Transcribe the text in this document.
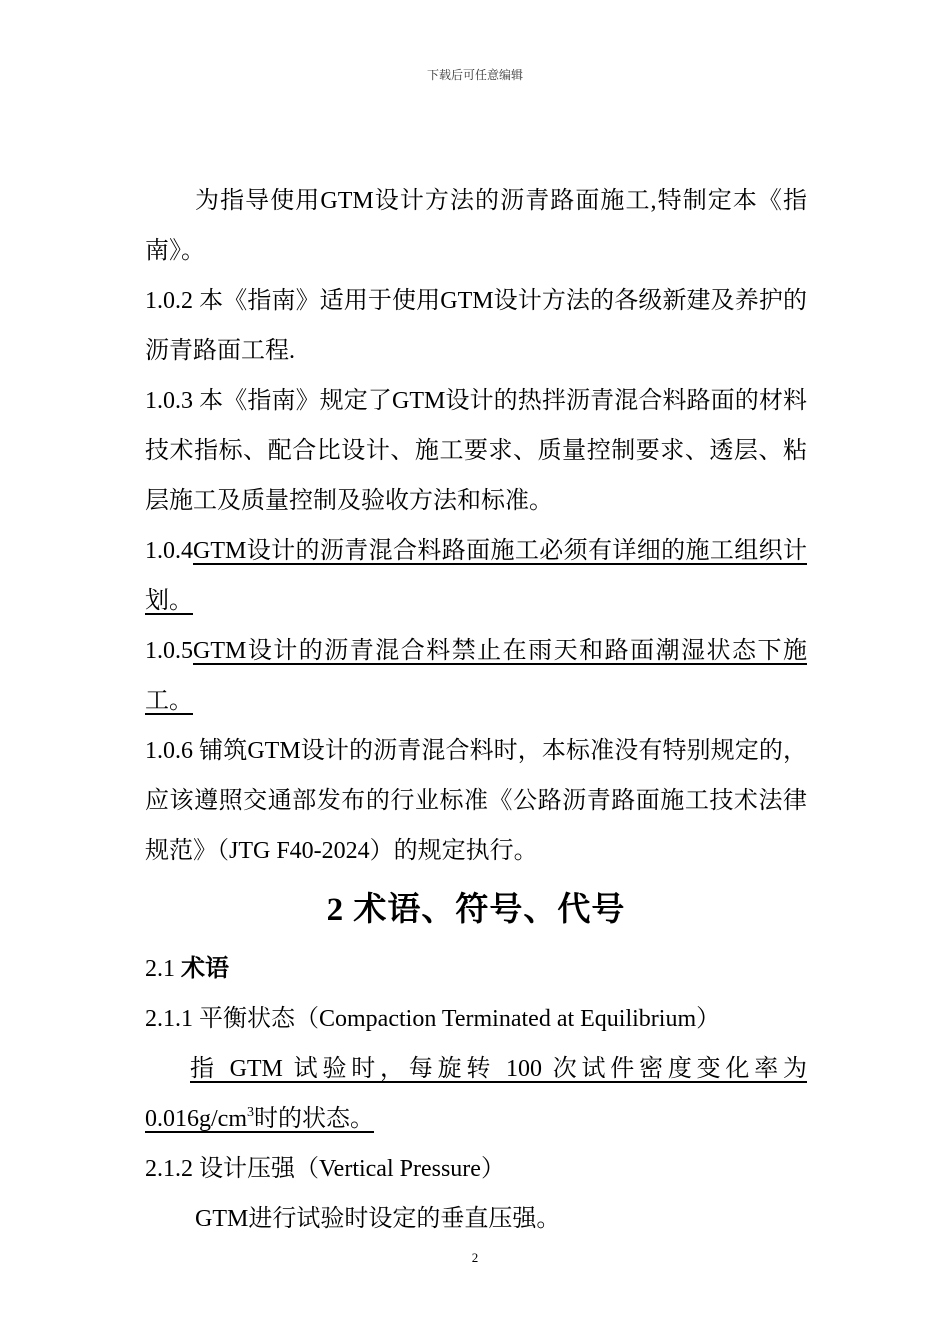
下载后可任意编辑

为指导使用GTM设计方法的沥青路面施工,特制定本《指南》。

1.0.2 本《指南》适用于使用GTM设计方法的各级新建及养护的沥青路面工程.

1.0.3 本《指南》规定了GTM设计的热拌沥青混合料路面的材料技术指标、配合比设计、施工要求、质量控制要求、透层、粘层施工及质量控制及验收方法和标准。

1.0.4GTM设计的沥青混合料路面施工必须有详细的施工组织计划。

1.0.5GTM设计的沥青混合料禁止在雨天和路面潮湿状态下施工。

1.0.6 铺筑GTM设计的沥青混合料时，本标准没有特别规定的，应该遵照交通部发布的行业标准《公路沥青路面施工技术法律规范》（JTG F40-2024）的规定执行。

2 术语、符号、代号

2.1 术语

2.1.1 平衡状态（Compaction Terminated at Equilibrium）

指 GTM 试验时，每旋转 100 次试件密度变化率为

$0.016g/cm^3$时的状态。

2.1.2 设计压强（Vertical Pressure）

GTM进行试验时设定的垂直压强。

2
